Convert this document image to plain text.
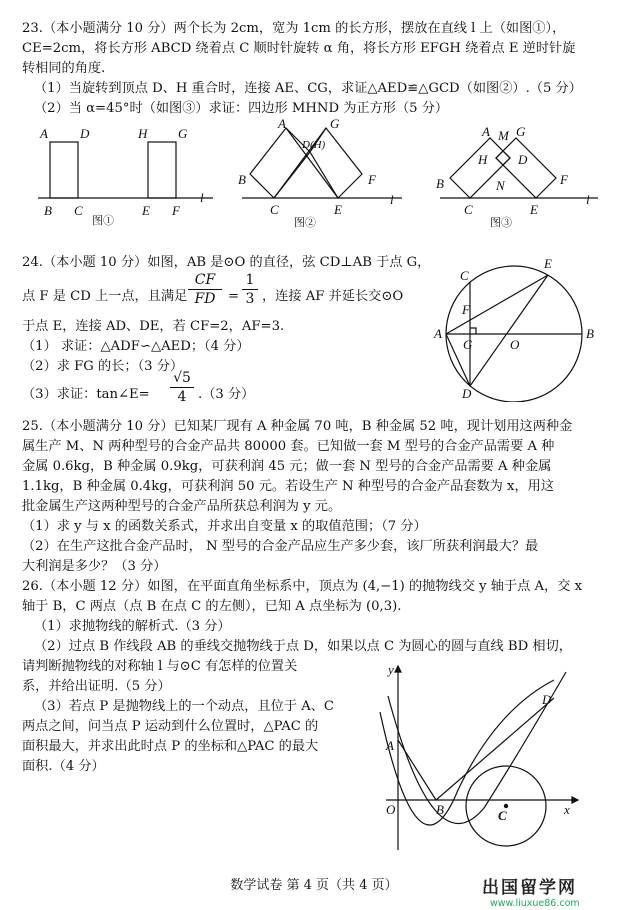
23.（本小题满分 10 分）两个长为 2cm，宽为 1cm 的长方形，摆放在直线 l 上（如图①），
CE=2cm，将长方形 ABCD 绕着点 C 顺时针旋转 α 角，将长方形 EFGH 绕着点 E 逆时针旋
转相同的角度.
（1）当旋转到顶点 D、H 重合时，连接 AE、CG，求证△AED≌△GCD（如图②）.（5 分）
（2）当 α=45°时（如图③）求证：四边形 MHND 为正方形（5 分）
A D	H G
B C	E F
l
图①
A
D(H)
G
B
C	E
F
l
图②
A M G
H D
N
B
C	E
F
l
图③
24.（本小题 10 分）如图，AB 是⊙O 的直径，弦 CD⊥AB 于点 G，
点 F 是 CD 上一点，且满足
CF
FD =
1
3 ，连接 AF 并延长交⊙O
于点 E，连接 AD、DE，若 CF=2，AF=3.
（1） 求证：△ADF∽△AED；（4 分）
（2）求 FG 的长；（3 分）
（3）求证：tan∠E=
√5
4 .（3 分）
C
E
F
A
G	O
B
D
25.（本小题满分 10 分）已知某厂现有 A 种金属 70 吨，B 种金属 52 吨，现计划用这两种金
属生产 M、N 两种型号的合金产品共 80000 套。已知做一套 M 型号的合金产品需要 A 种
金属 0.6kg，B 种金属 0.9kg，可获利润 45 元；做一套 N 型号的合金产品需要 A 种金属
1.1kg，B 种金属 0.4kg，可获利润 50 元。若设生产 N 种型号的合金产品套数为 x，用这
批金属生产这两种型号的合金产品所获总利润为 y 元。
（1）求 y 与 x 的函数关系式，并求出自变量 x 的取值范围；（7 分）
（2）在生产这批合金产品时， N 型号的合金产品应生产多少套，该厂所获利润最大？最
大利润是多少？（3 分）
26.（本小题 12 分）如图，在平面直角坐标系中，顶点为 (4,−1) 的抛物线交 y 轴于点 A，交 x
轴于 B，C 两点（点 B 在点 C 的左侧），已知 A 点坐标为 (0,3).
（1）求抛物线的解析式.（3 分）
（2）过点 B 作线段 AB 的垂线交抛物线于点 D，如果以点 C 为圆心的圆与直线 BD 相切，
请判断抛物线的对称轴 l 与⊙C 有怎样的位置关
系，并给出证明.（5 分）
（3）若点 P 是抛物线上的一个动点，且位于 A、C
两点之间，问当点 P 运动到什么位置时，△PAC 的
面积最大，并求出此时点 P 的坐标和△PAC 的最大
面积.（4 分）
y
D
A
O	B	C	x
数学试卷 第 4 页（共 4 页）	出国留学网
www.liuxue86.com
